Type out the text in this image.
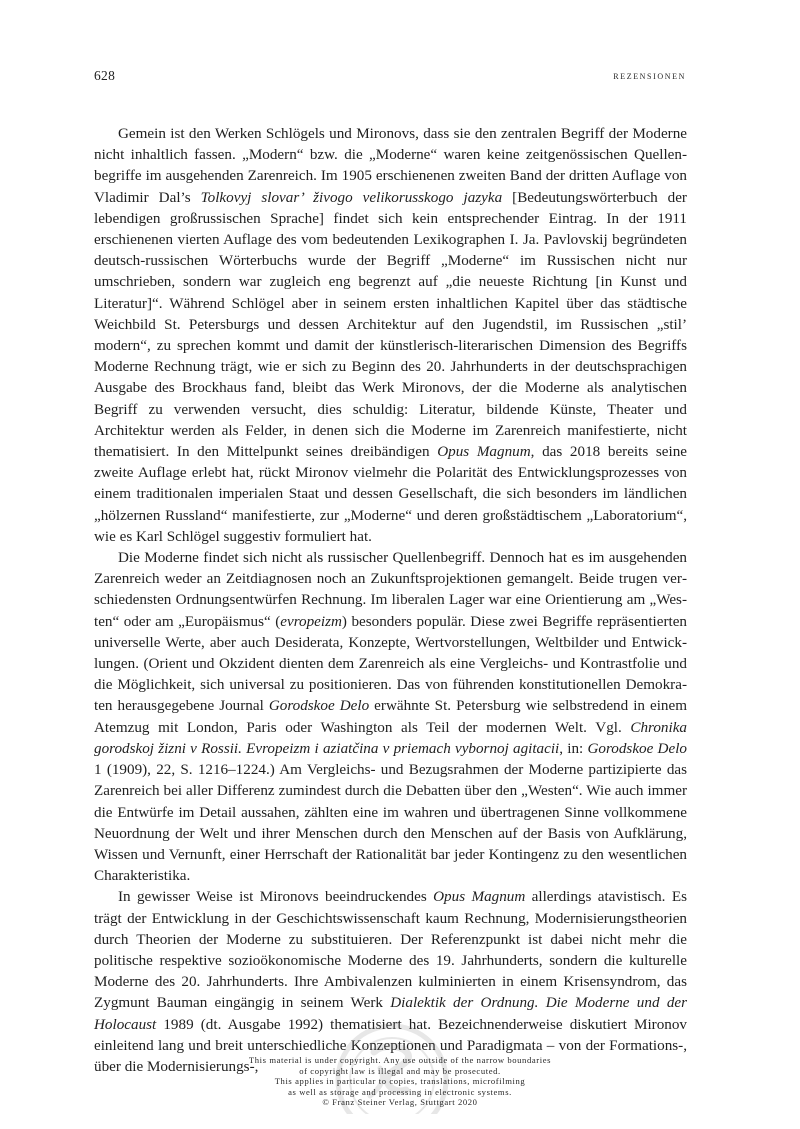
628	rezensionen

Gemein ist den Werken Schlögels und Mironovs, dass sie den zentralen Begriff der Moderne nicht inhaltlich fassen. „Modern“ bzw. die „Moderne“ waren keine zeitgenössischen Quellenbegriffe im ausgehenden Zarenreich. Im 1905 erschienenen zweiten Band der dritten Auflage von Vladimir Dal’s Tolkovyj slovar’ živogo velikorusskogo jazyka [Bedeutungswörterbuch der lebendigen großrussischen Sprache] findet sich kein entsprechender Eintrag. In der 1911 erschienenen vierten Auflage des vom bedeutenden Lexikographen I. Ja. Pavlovskij begründeten deutsch-russischen Wörterbuchs wurde der Begriff „Moderne“ im Russischen nicht nur umschrieben, sondern war zugleich eng begrenzt auf „die neueste Richtung [in Kunst und Literatur]“. Während Schlögel aber in seinem ersten inhaltlichen Kapitel über das städtische Weichbild St. Petersburgs und dessen Architektur auf den Jugendstil, im Russischen „stil’ modern“, zu sprechen kommt und damit der künstlerisch-literarischen Dimension des Begriffs Moderne Rechnung trägt, wie er sich zu Beginn des 20. Jahrhunderts in der deutschsprachigen Ausgabe des Brockhaus fand, bleibt das Werk Mironovs, der die Moderne als analytischen Begriff zu verwenden versucht, dies schuldig: Literatur, bildende Künste, Theater und Architektur werden als Felder, in denen sich die Moderne im Zarenreich manifestierte, nicht thematisiert. In den Mittelpunkt seines dreibändigen Opus Magnum, das 2018 bereits seine zweite Auflage erlebt hat, rückt Mironov vielmehr die Polarität des Entwicklungsprozesses von einem traditionalen imperialen Staat und dessen Gesellschaft, die sich besonders im ländlichen „hölzernen Russland“ manifestierte, zur „Moderne“ und deren großstädtischem „Laboratorium“, wie es Karl Schlögel suggestiv formuliert hat.

Die Moderne findet sich nicht als russischer Quellenbegriff. Dennoch hat es im ausgehenden Zarenreich weder an Zeitdiagnosen noch an Zukunftsprojektionen gemangelt. Beide trugen verschiedensten Ordnungsentwürfen Rechnung. Im liberalen Lager war eine Orientierung am „Westen“ oder am „Europäismus“ (evropeizm) besonders populär. Diese zwei Begriffe repräsentierten universelle Werte, aber auch Desiderata, Konzepte, Wertvorstellungen, Weltbilder und Entwicklungen. (Orient und Okzident dienten dem Zarenreich als eine Vergleichs- und Kontrastfolie und die Möglichkeit, sich universal zu positionieren. Das von führenden konstitutionellen Demokraten herausgegebene Journal Gorodskoe Delo erwähnte St. Petersburg wie selbstredend in einem Atemzug mit London, Paris oder Washington als Teil der modernen Welt. Vgl. Chronika gorodskoj žizni v Rossii. Evropeizm i aziatčina v priemach vybornoj agitacii, in: Gorodskoe Delo 1 (1909), 22, S. 1216–1224.) Am Vergleichs- und Bezugsrahmen der Moderne partizipierte das Zarenreich bei aller Differenz zumindest durch die Debatten über den „Westen“. Wie auch immer die Entwürfe im Detail aussahen, zählten eine im wahren und übertragenen Sinne vollkommene Neuordnung der Welt und ihrer Menschen durch den Menschen auf der Basis von Aufklärung, Wissen und Vernunft, einer Herrschaft der Rationalität bar jeder Kontingenz zu den wesentlichen Charakteristika.

In gewisser Weise ist Mironovs beeindruckendes Opus Magnum allerdings atavistisch. Es trägt der Entwicklung in der Geschichtswissenschaft kaum Rechnung, Modernisierungstheorien durch Theorien der Moderne zu substituieren. Der Referenzpunkt ist dabei nicht mehr die politische respektive sozioökonomische Moderne des 19. Jahrhunderts, sondern die kulturelle Moderne des 20. Jahrhunderts. Ihre Ambivalenzen kulminierten in einem Krisensyndrom, das Zygmunt Bauman eingängig in seinem Werk Dialektik der Ordnung. Die Moderne und der Holocaust 1989 (dt. Ausgabe 1992) thematisiert hat. Bezeichnenderweise diskutiert Mironov einleitend lang und breit unterschiedliche Konzeptionen und Paradigmata – von der Formations-, über die Modernisierungs-,

This material is under copyright. Any use outside of the narrow boundaries
of copyright law is illegal and may be prosecuted.
This applies in particular to copies, translations, microfilming
as well as storage and processing in electronic systems.
© Franz Steiner Verlag, Stuttgart 2020
